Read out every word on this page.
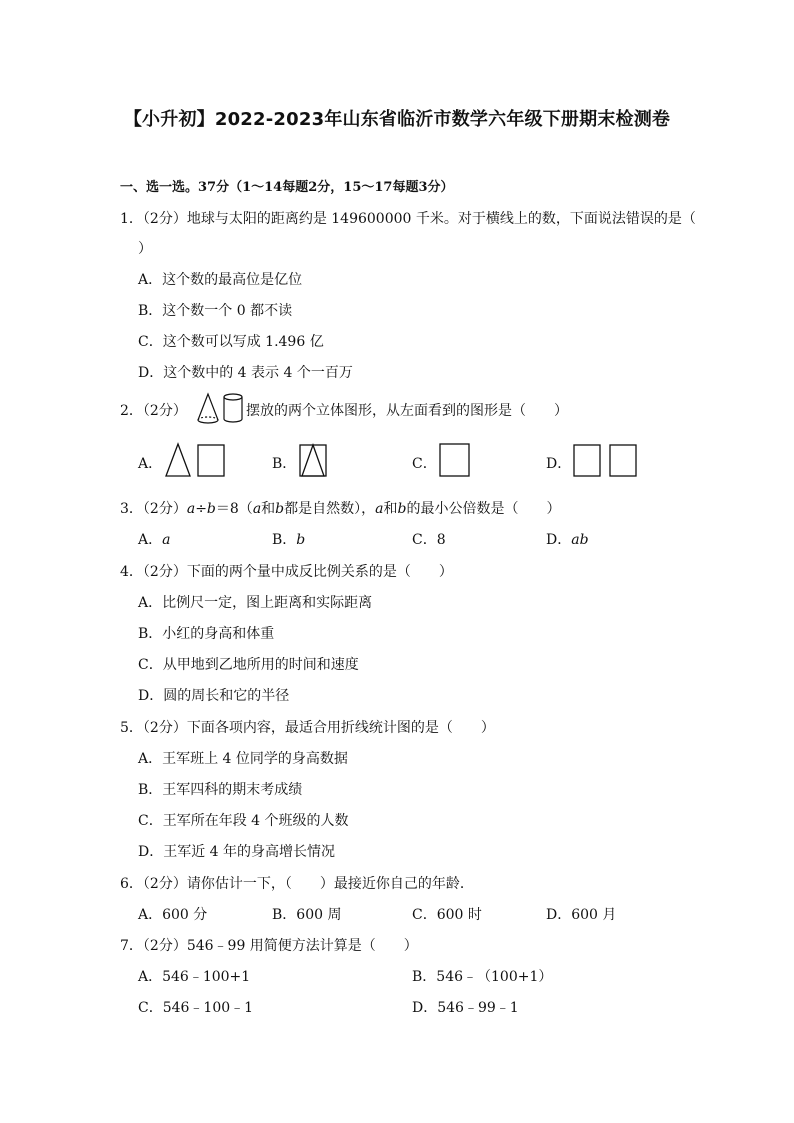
【小升初】2022-2023年山东省临沂市数学六年级下册期末检测卷
一、选一选。37分（1～14每题2分，15～17每题3分）
1．（2分）地球与太阳的距离约是 149600000 千米。对于横线上的数，下面说法错误的是（
）
A．这个数的最高位是亿位
B．这个数一个 0 都不读
C．这个数可以写成 1.496 亿
D．这个数中的 4 表示 4 个一百万
2．（2分）	摆放的两个立体图形，从左面看到的图形是（　　）
A．	B．	C．	D．
3．（2分）a÷b＝8（a和b都是自然数），a和b的最小公倍数是（　　）
A．a	B．b	C．8	D．ab
4．（2分）下面的两个量中成反比例关系的是（　　）
A．比例尺一定，图上距离和实际距离
B．小红的身高和体重
C．从甲地到乙地所用的时间和速度
D．圆的周长和它的半径
5．（2分）下面各项内容，最适合用折线统计图的是（　　）
A．王军班上 4 位同学的身高数据
B．王军四科的期末考成绩
C．王军所在年段 4 个班级的人数
D．王军近 4 年的身高增长情况
6．（2分）请你估计一下，（　　）最接近你自己的年龄．
A．600 分	B．600 周	C．600 时	D．600 月
7．（2分）546﹣99 用简便方法计算是（　　）
A．546﹣100+1	B．546﹣（100+1）
C．546﹣100﹣1	D．546﹣99﹣1
